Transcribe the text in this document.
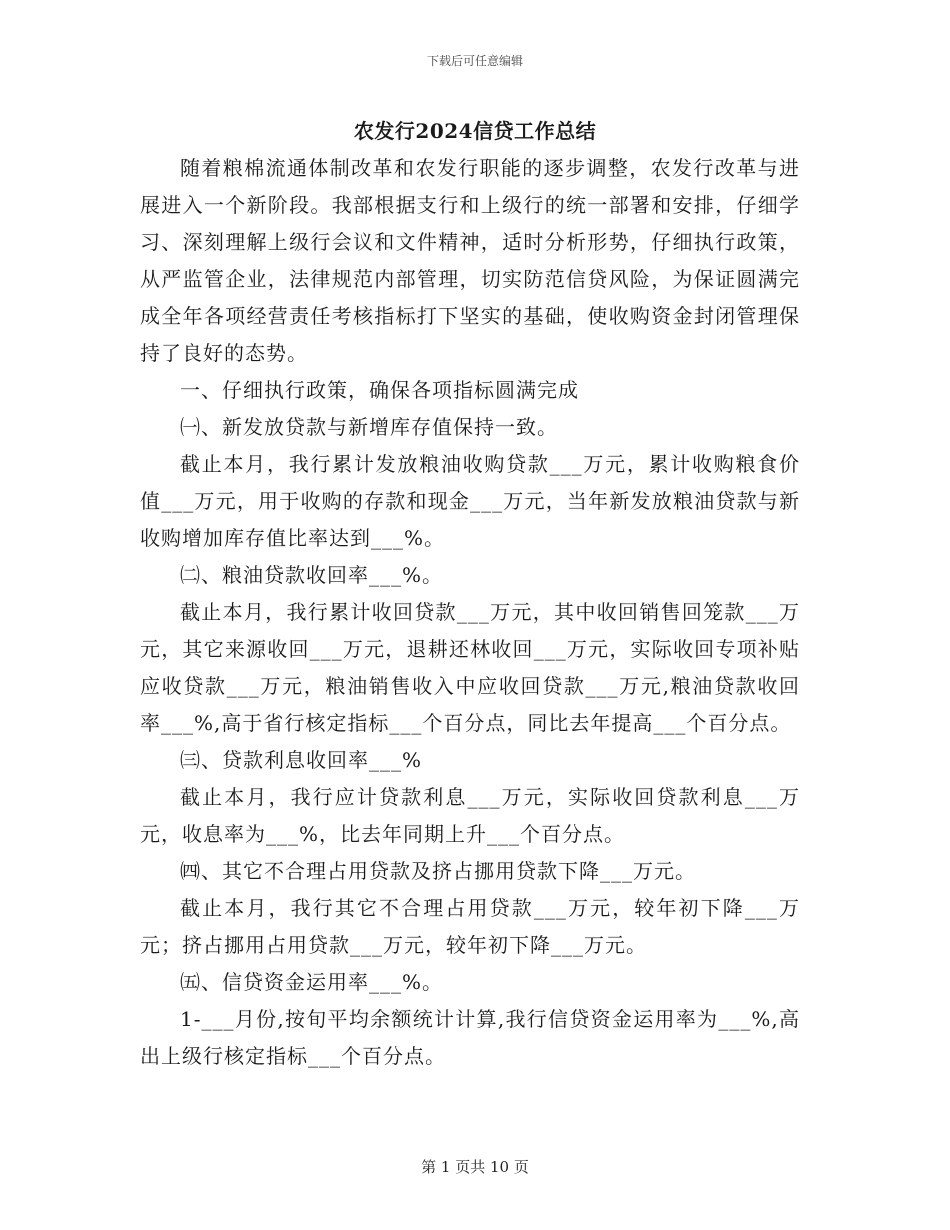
下载后可任意编辑
农发行2024信贷工作总结

随着粮棉流通体制改革和农发行职能的逐步调整，农发行改革与进展进入一个新阶段。我部根据支行和上级行的统一部署和安排，仔细学习、深刻理解上级行会议和文件精神，适时分析形势，仔细执行政策，从严监管企业，法律规范内部管理，切实防范信贷风险，为保证圆满完成全年各项经营责任考核指标打下坚实的基础，使收购资金封闭管理保持了良好的态势。

一、仔细执行政策，确保各项指标圆满完成

㈠、新发放贷款与新增库存值保持一致。

截止本月，我行累计发放粮油收购贷款___万元，累计收购粮食价值___万元，用于收购的存款和现金___万元，当年新发放粮油贷款与新收购增加库存值比率达到___%。

㈡、粮油贷款收回率___%。

截止本月，我行累计收回贷款___万元，其中收回销售回笼款___万元，其它来源收回___万元，退耕还林收回___万元，实际收回专项补贴应收贷款___万元，粮油销售收入中应收回贷款___万元,粮油贷款收回率___%,高于省行核定指标___个百分点，同比去年提高___个百分点。

㈢、贷款利息收回率___%

截止本月，我行应计贷款利息___万元，实际收回贷款利息___万元，收息率为___%，比去年同期上升___个百分点。

㈣、其它不合理占用贷款及挤占挪用贷款下降___万元。

截止本月，我行其它不合理占用贷款___万元，较年初下降___万元；挤占挪用占用贷款___万元，较年初下降___万元。

㈤、信贷资金运用率___%。

1-___月份,按旬平均余额统计计算,我行信贷资金运用率为___%,高出上级行核定指标___个百分点。

第 1 页共 10 页
